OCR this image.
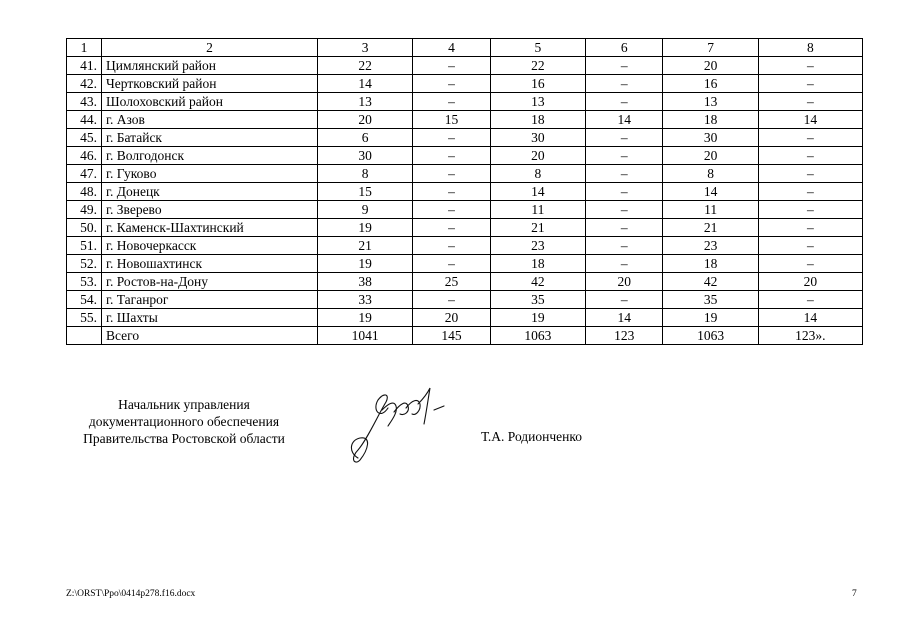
1	2	3	4	5	6	7	8
41.	Цимлянский район	22	–	22	–	20	–
42.	Чертковский район	14	–	16	–	16	–
43.	Шолоховский район	13	–	13	–	13	–
44.	г. Азов	20	15	18	14	18	14
45.	г. Батайск	6	–	30	–	30	–
46.	г. Волгодонск	30	–	20	–	20	–
47.	г. Гуково	8	–	8	–	8	–
48.	г. Донецк	15	–	14	–	14	–
49.	г. Зверево	9	–	11	–	11	–
50.	г. Каменск-Шахтинский	19	–	21	–	21	–
51.	г. Новочеркасск	21	–	23	–	23	–
52.	г. Новошахтинск	19	–	18	–	18	–
53.	г. Ростов-на-Дону	38	25	42	20	42	20
54.	г. Таганрог	33	–	35	–	35	–
55.	г. Шахты	19	20	19	14	19	14
	Всего	1041	145	1063	123	1063	123».
Начальник управления
документационного обеспечения
Правительства Ростовской области	Т.А. Родионченко
Z:\ORST\Ppo\0414p278.f16.docx	7
